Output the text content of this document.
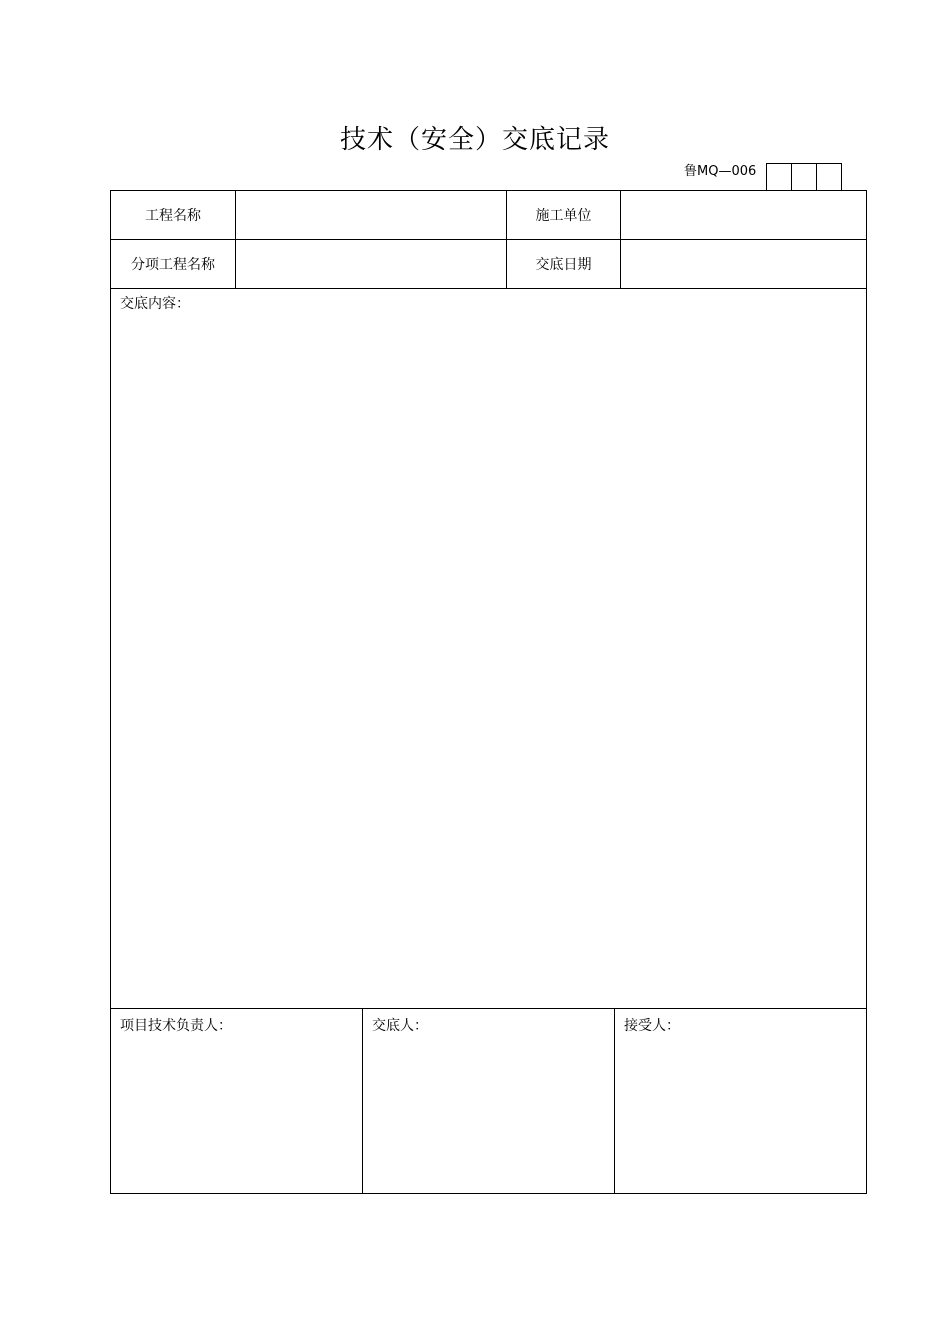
技术（安全）交底记录
鲁MQ—006
工程名称	施工单位
分项工程名称	交底日期
交底内容：
项目技术负责人：	交底人：	接受人：
